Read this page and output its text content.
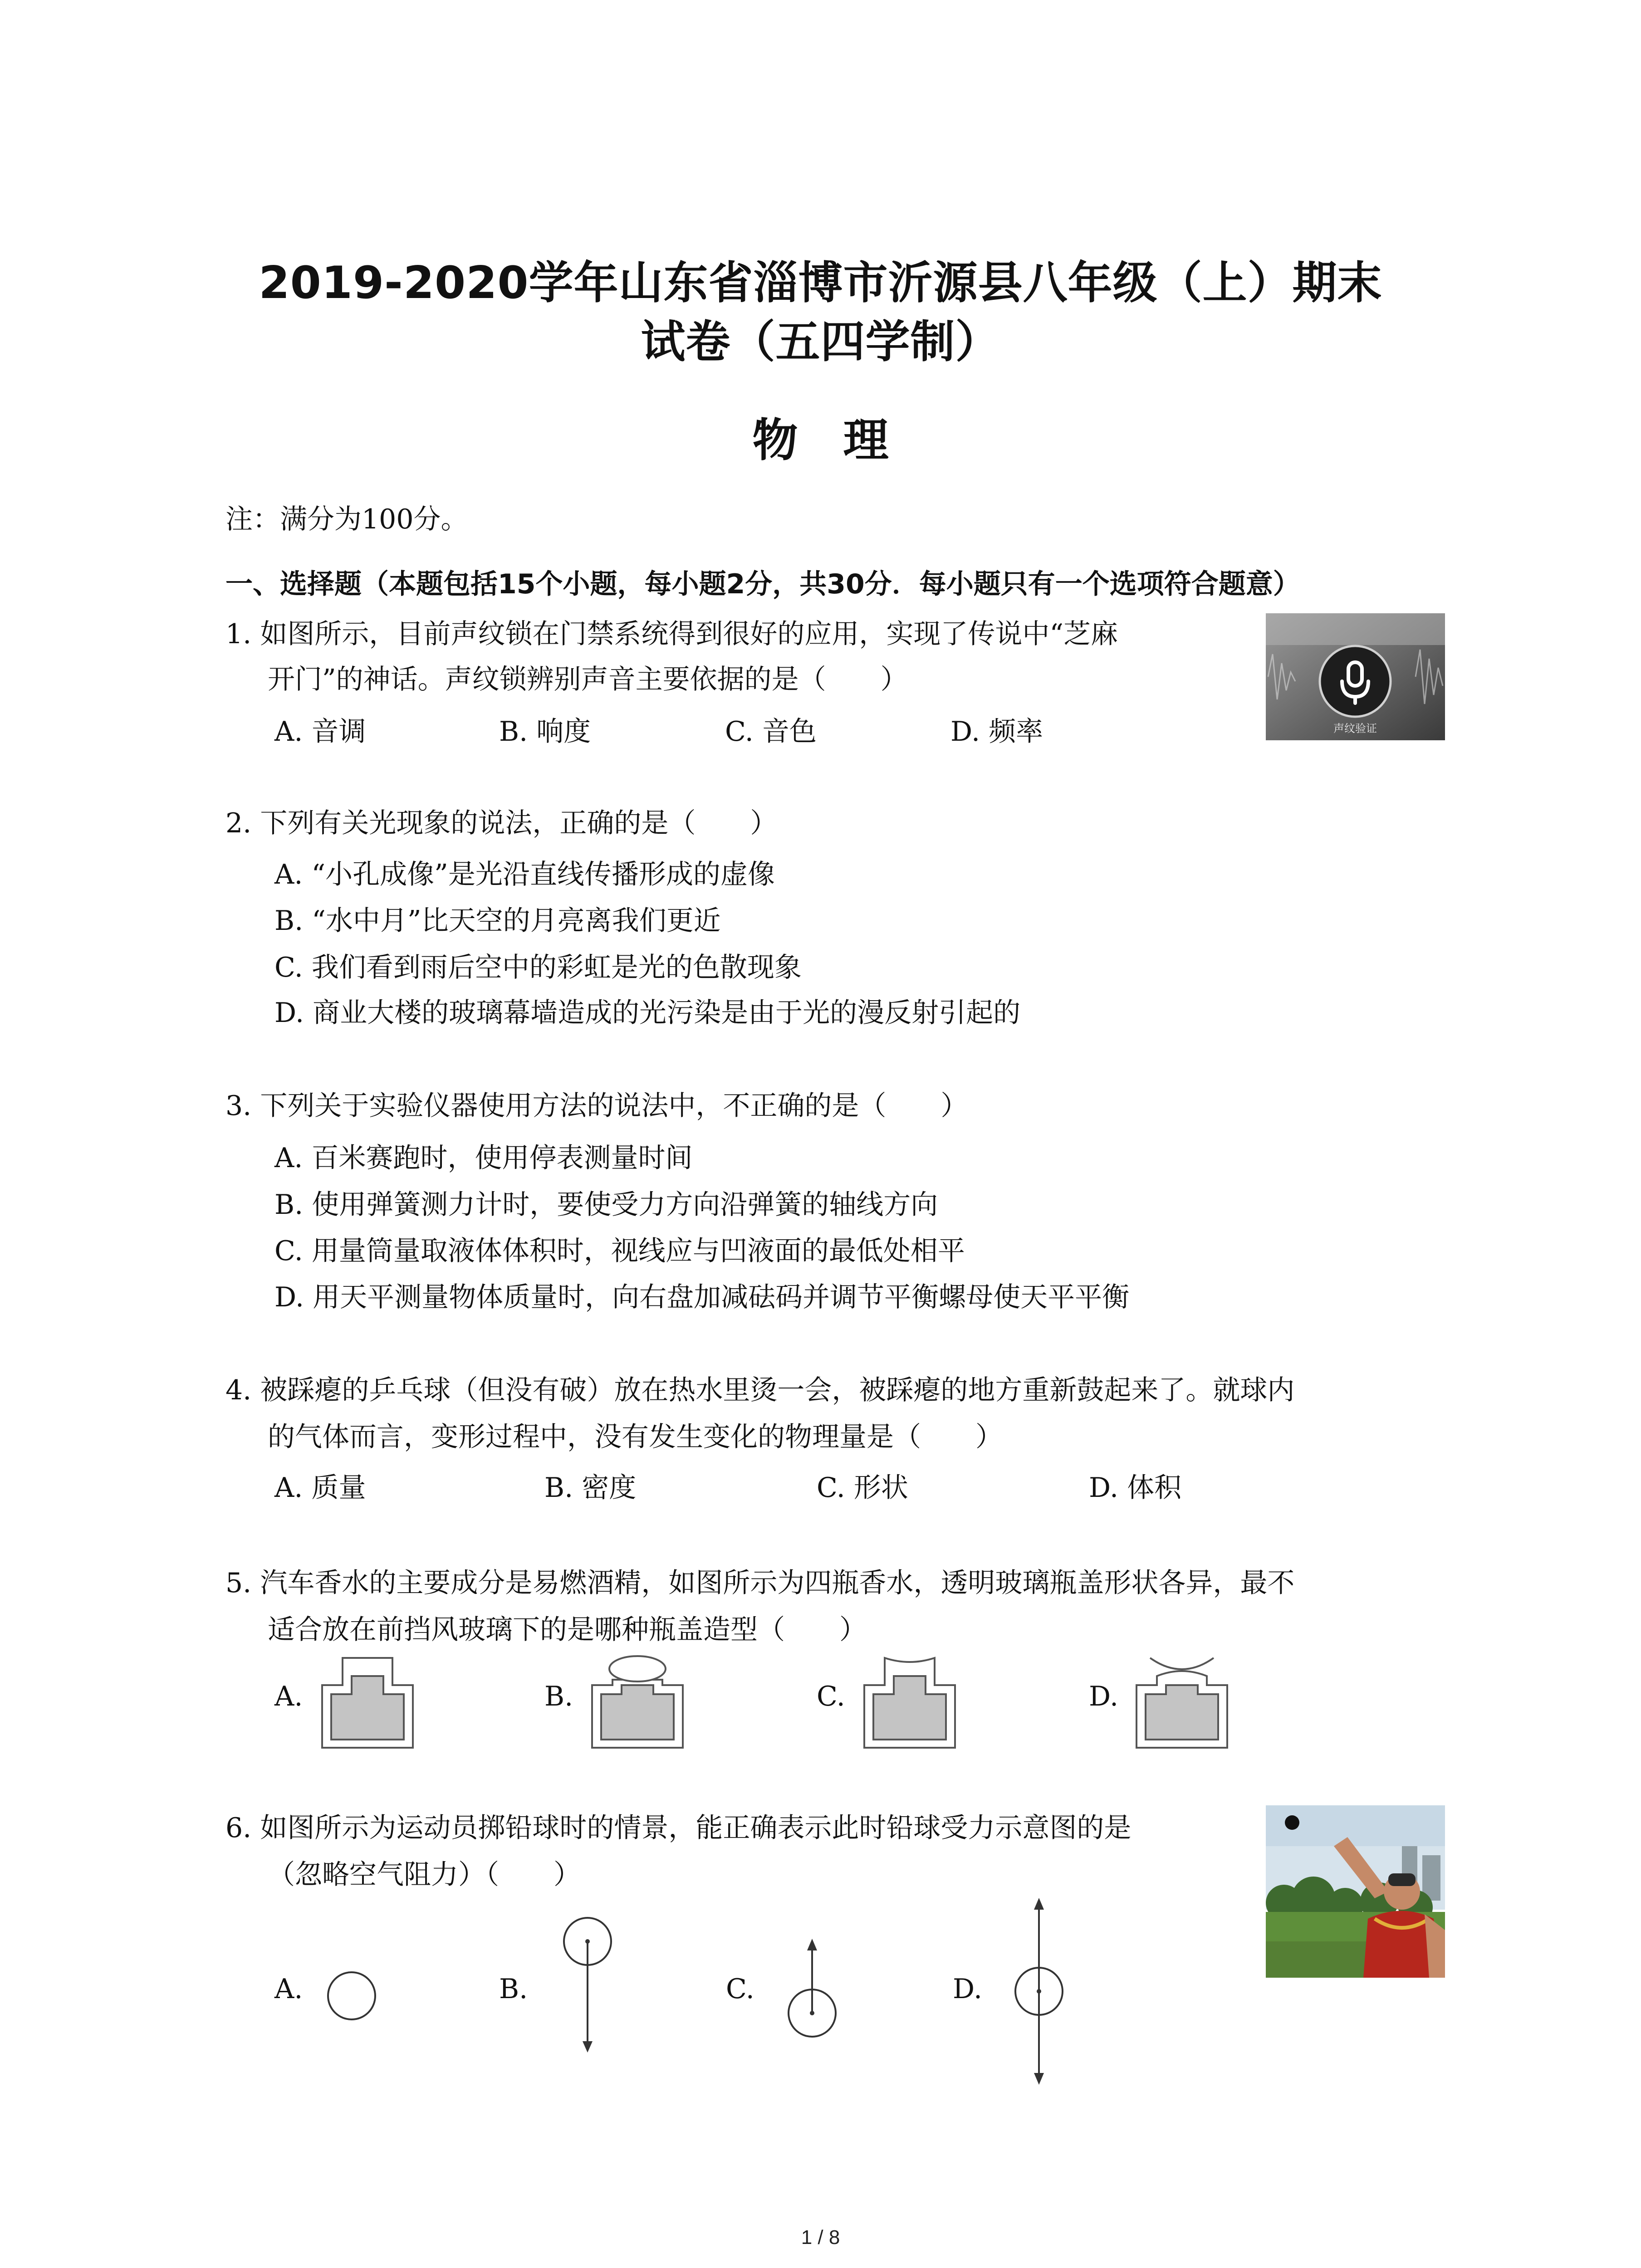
2019-2020学年山东省淄博市沂源县八年级（上）期末
试卷（五四学制）
物理
注：满分为100分。
一、选择题（本题包括15个小题，每小题2分，共30分．每小题只有一个选项符合题意）
1. 如图所示，目前声纹锁在门禁系统得到很好的应用，实现了传说中“芝麻
开门”的神话。声纹锁辨别声音主要依据的是（　　）
A. 音调	B. 响度	C. 音色	D. 频率	声纹验证
2. 下列有关光现象的说法，正确的是（　　）
A. “小孔成像”是光沿直线传播形成的虚像
B. “水中月”比天空的月亮离我们更近
C. 我们看到雨后空中的彩虹是光的色散现象
D. 商业大楼的玻璃幕墙造成的光污染是由于光的漫反射引起的
3. 下列关于实验仪器使用方法的说法中，不正确的是（　　）
A. 百米赛跑时，使用停表测量时间
B. 使用弹簧测力计时，要使受力方向沿弹簧的轴线方向
C. 用量筒量取液体体积时，视线应与凹液面的最低处相平
D. 用天平测量物体质量时，向右盘加减砝码并调节平衡螺母使天平平衡
4. 被踩瘪的乒乓球（但没有破）放在热水里烫一会，被踩瘪的地方重新鼓起来了。就球内
的气体而言，变形过程中，没有发生变化的物理量是（　　）
A. 质量	B. 密度	C. 形状	D. 体积
5. 汽车香水的主要成分是易燃酒精，如图所示为四瓶香水，透明玻璃瓶盖形状各异，最不
适合放在前挡风玻璃下的是哪种瓶盖造型（　　）
A.	B.	C.	D.
6. 如图所示为运动员掷铅球时的情景，能正确表示此时铅球受力示意图的是
（忽略空气阻力）（　　）
A.	B.	C.	D.
1 / 8
